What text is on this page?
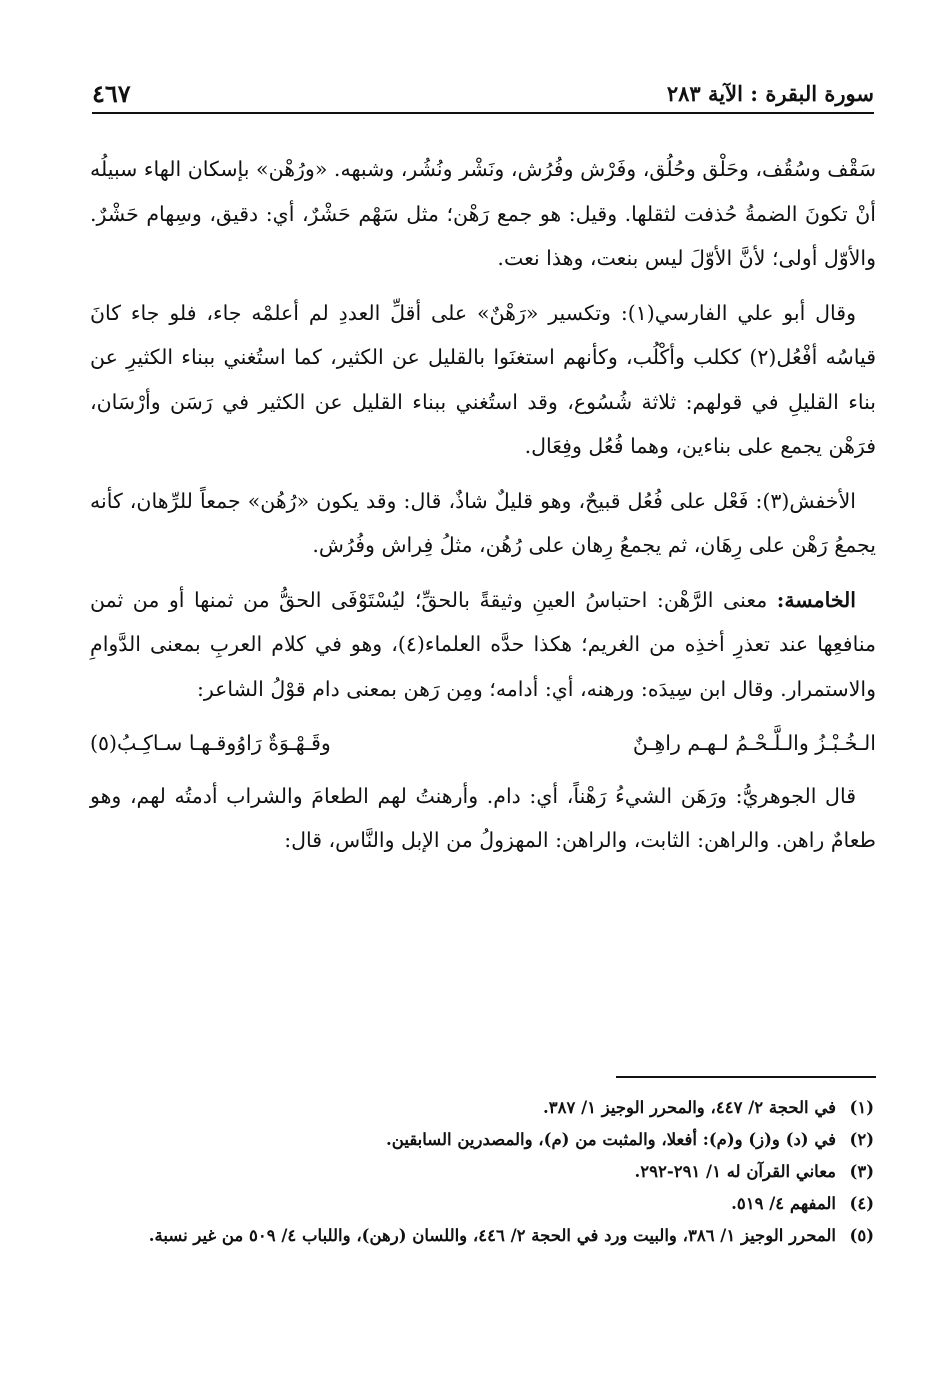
٤٦٧	سورة البقرة : الآية ٢٨٣

سَقْف وسُقُف، وحَلْق وحُلُق، وفَرْش وفُرُش، ونَشْر ونُشُر، وشبهه. «ورُهْن» بإسكان الهاء سبيلُه أنْ تكونَ الضمةُ حُذفت لثقلها. وقيل: هو جمع رَهْن؛ مثل سَهْم حَشْرٌ، أي: دقيق، وسِهام حَشْرٌ. والأوّل أولى؛ لأنَّ الأوّلَ ليس بنعت، وهذا نعت.

وقال أبو علي الفارسي(١): وتكسير «رَهْنٌ» على أقلِّ العددِ لم أعلمْه جاء، فلو جاء كانَ قياسُه أفْعُل(٢) ككلب وأكْلُب، وكأنهم استغنَوا بالقليل عن الكثير، كما استُغني ببناء الكثيرِ عن بناء القليلِ في قولهم: ثلاثة شُسُوع، وقد استُغني ببناء القليل عن الكثير في رَسَن وأرْسَان، فرَهْن يجمع على بناءين، وهما فُعُل وفِعَال.

الأخفش(٣): فَعْل على فُعُل قبيحٌ، وهو قليلٌ شاذٌ، قال: وقد يكون «رُهُن» جمعاً للرِّهان، كأنه يجمعُ رَهْن على رِهَان، ثم يجمعُ رِهان على رُهُن، مثلُ فِراش وفُرُش.

الخامسة: معنى الرَّهْن: احتباسُ العينِ وثيقةً بالحقِّ؛ ليُسْتَوْفَى الحقُّ من ثمنها أو من ثمن منافعِها عند تعذرِ أخذِه من الغريم؛ هكذا حدَّه العلماء(٤)، وهو في كلام العربِ بمعنى الدَّوامِ والاستمرار. وقال ابن سِيدَه: ورهنه، أي: أدامه؛ ومِن رَهن بمعنى دام قوْلُ الشاعر:

الـخُـبْـزُ والـلَّـحْـمُ لـهـم راهِـنٌ
وقَـهْـوَةٌ رَاوُوقـهـا سـاكِـبُ(٥)

قال الجوهريُّ: ورَهَن الشيءُ رَهْناً، أي: دام. وأرهنتُ لهم الطعامَ والشراب أدمتُه لهم، وهو طعامٌ راهن. والراهن: الثابت، والراهن: المهزولُ من الإبل والنَّاس، قال:

(١)
في الحجة ٢/ ٤٤٧، والمحرر الوجيز ١/ ٣٨٧.
(٢)
في (د) و(ز) و(م): أفعلا، والمثبت من (م)، والمصدرين السابقين.
(٣)
معاني القرآن له ١/ ٢٩١-٢٩٢.
(٤)
المفهم ٤/ ٥١٩.
(٥)
المحرر الوجيز ١/ ٣٨٦، والبيت ورد في الحجة ٢/ ٤٤٦، واللسان (رهن)، واللباب ٤/ ٥٠٩ من غير نسبة.
